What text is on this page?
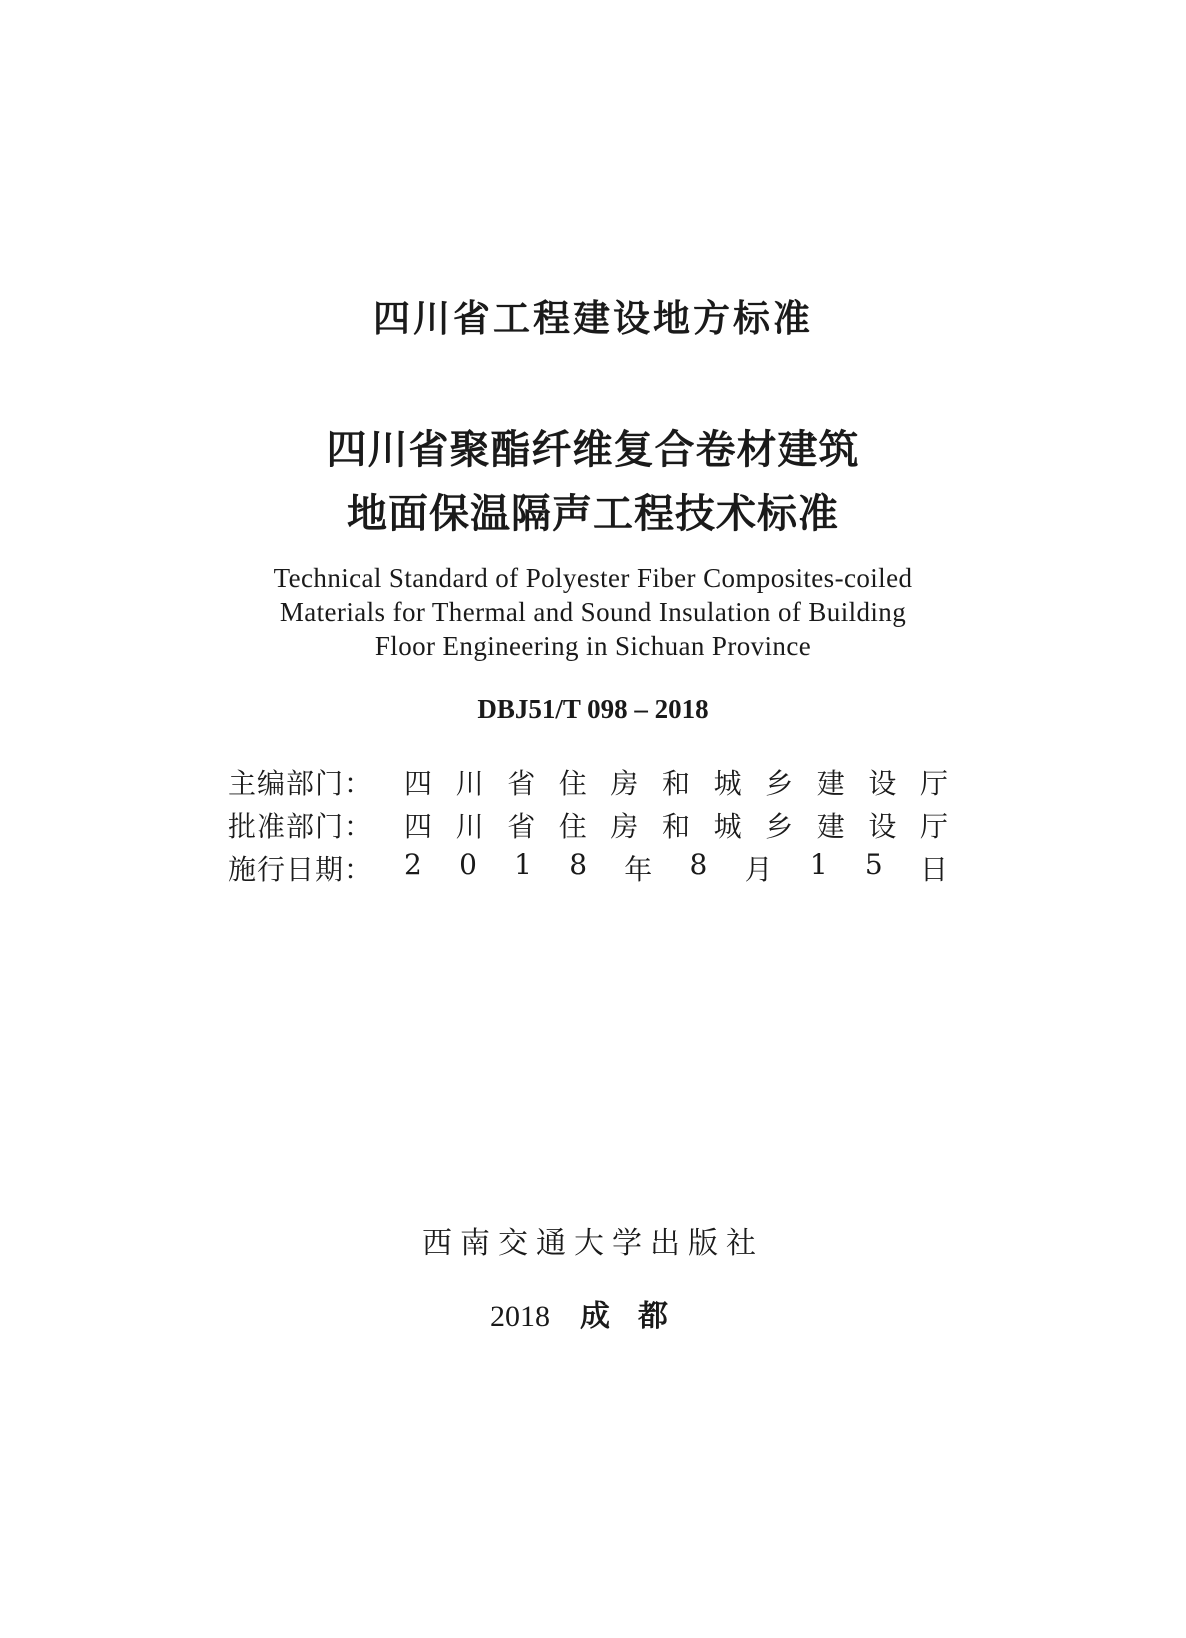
四川省工程建设地方标准
四川省聚酯纤维复合卷材建筑
地面保温隔声工程技术标准
Technical Standard of Polyester Fiber Composites-coiled
Materials for Thermal and Sound Insulation of Building
Floor Engineering in Sichuan Province
DBJ51/T 098 – 2018
主编部门：	四 川 省 住 房 和 城 乡 建 设 厅
批准部门：	四 川 省 住 房 和 城 乡 建 设 厅
施行日期：	2 0 1 8 年 8 月 1 5 日
西南交通大学出版社
2018 成都
